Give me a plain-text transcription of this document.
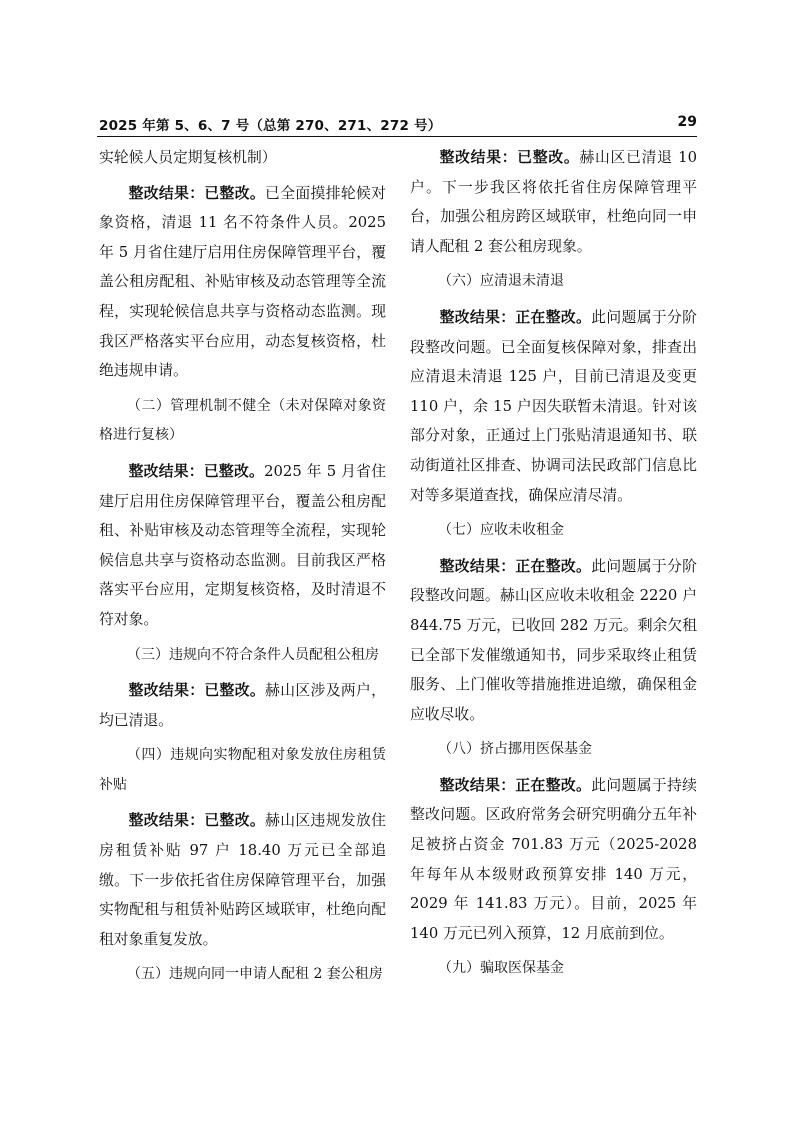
2025 年第 5、6、7 号（总第 270、271、272 号）	29

实轮候人员定期复核机制）

整改结果：已整改。已全面摸排轮候对象资格，清退 11 名不符条件人员。2025 年 5 月省住建厅启用住房保障管理平台，覆盖公租房配租、补贴审核及动态管理等全流程，实现轮候信息共享与资格动态监测。现我区严格落实平台应用，动态复核资格，杜绝违规申请。

（二）管理机制不健全（未对保障对象资格进行复核）

整改结果：已整改。2025 年 5 月省住建厅启用住房保障管理平台，覆盖公租房配租、补贴审核及动态管理等全流程，实现轮候信息共享与资格动态监测。目前我区严格落实平台应用，定期复核资格，及时清退不符对象。

（三）违规向不符合条件人员配租公租房

整改结果：已整改。赫山区涉及两户，均已清退。

（四）违规向实物配租对象发放住房租赁补贴

整改结果：已整改。赫山区违规发放住房租赁补贴 97 户 18.40 万元已全部追缴。下一步依托省住房保障管理平台，加强实物配租与租赁补贴跨区域联审，杜绝向配租对象重复发放。

（五）违规向同一申请人配租 2 套公租房

整改结果：已整改。赫山区已清退 10 户。下一步我区将依托省住房保障管理平台，加强公租房跨区域联审，杜绝向同一申请人配租 2 套公租房现象。

（六）应清退未清退

整改结果：正在整改。此问题属于分阶段整改问题。已全面复核保障对象，排查出应清退未清退 125 户，目前已清退及变更 110 户，余 15 户因失联暂未清退。针对该部分对象，正通过上门张贴清退通知书、联动街道社区排查、协调司法民政部门信息比对等多渠道查找，确保应清尽清。

（七）应收未收租金

整改结果：正在整改。此问题属于分阶段整改问题。赫山区应收未收租金 2220 户 844.75 万元，已收回 282 万元。剩余欠租已全部下发催缴通知书，同步采取终止租赁服务、上门催收等措施推进追缴，确保租金应收尽收。

（八）挤占挪用医保基金

整改结果：正在整改。此问题属于持续整改问题。区政府常务会研究明确分五年补足被挤占资金 701.83 万元（2025-2028 年每年从本级财政预算安排 140 万元，2029 年 141.83 万元）。目前，2025 年 140 万元已列入预算，12 月底前到位。

（九）骗取医保基金
